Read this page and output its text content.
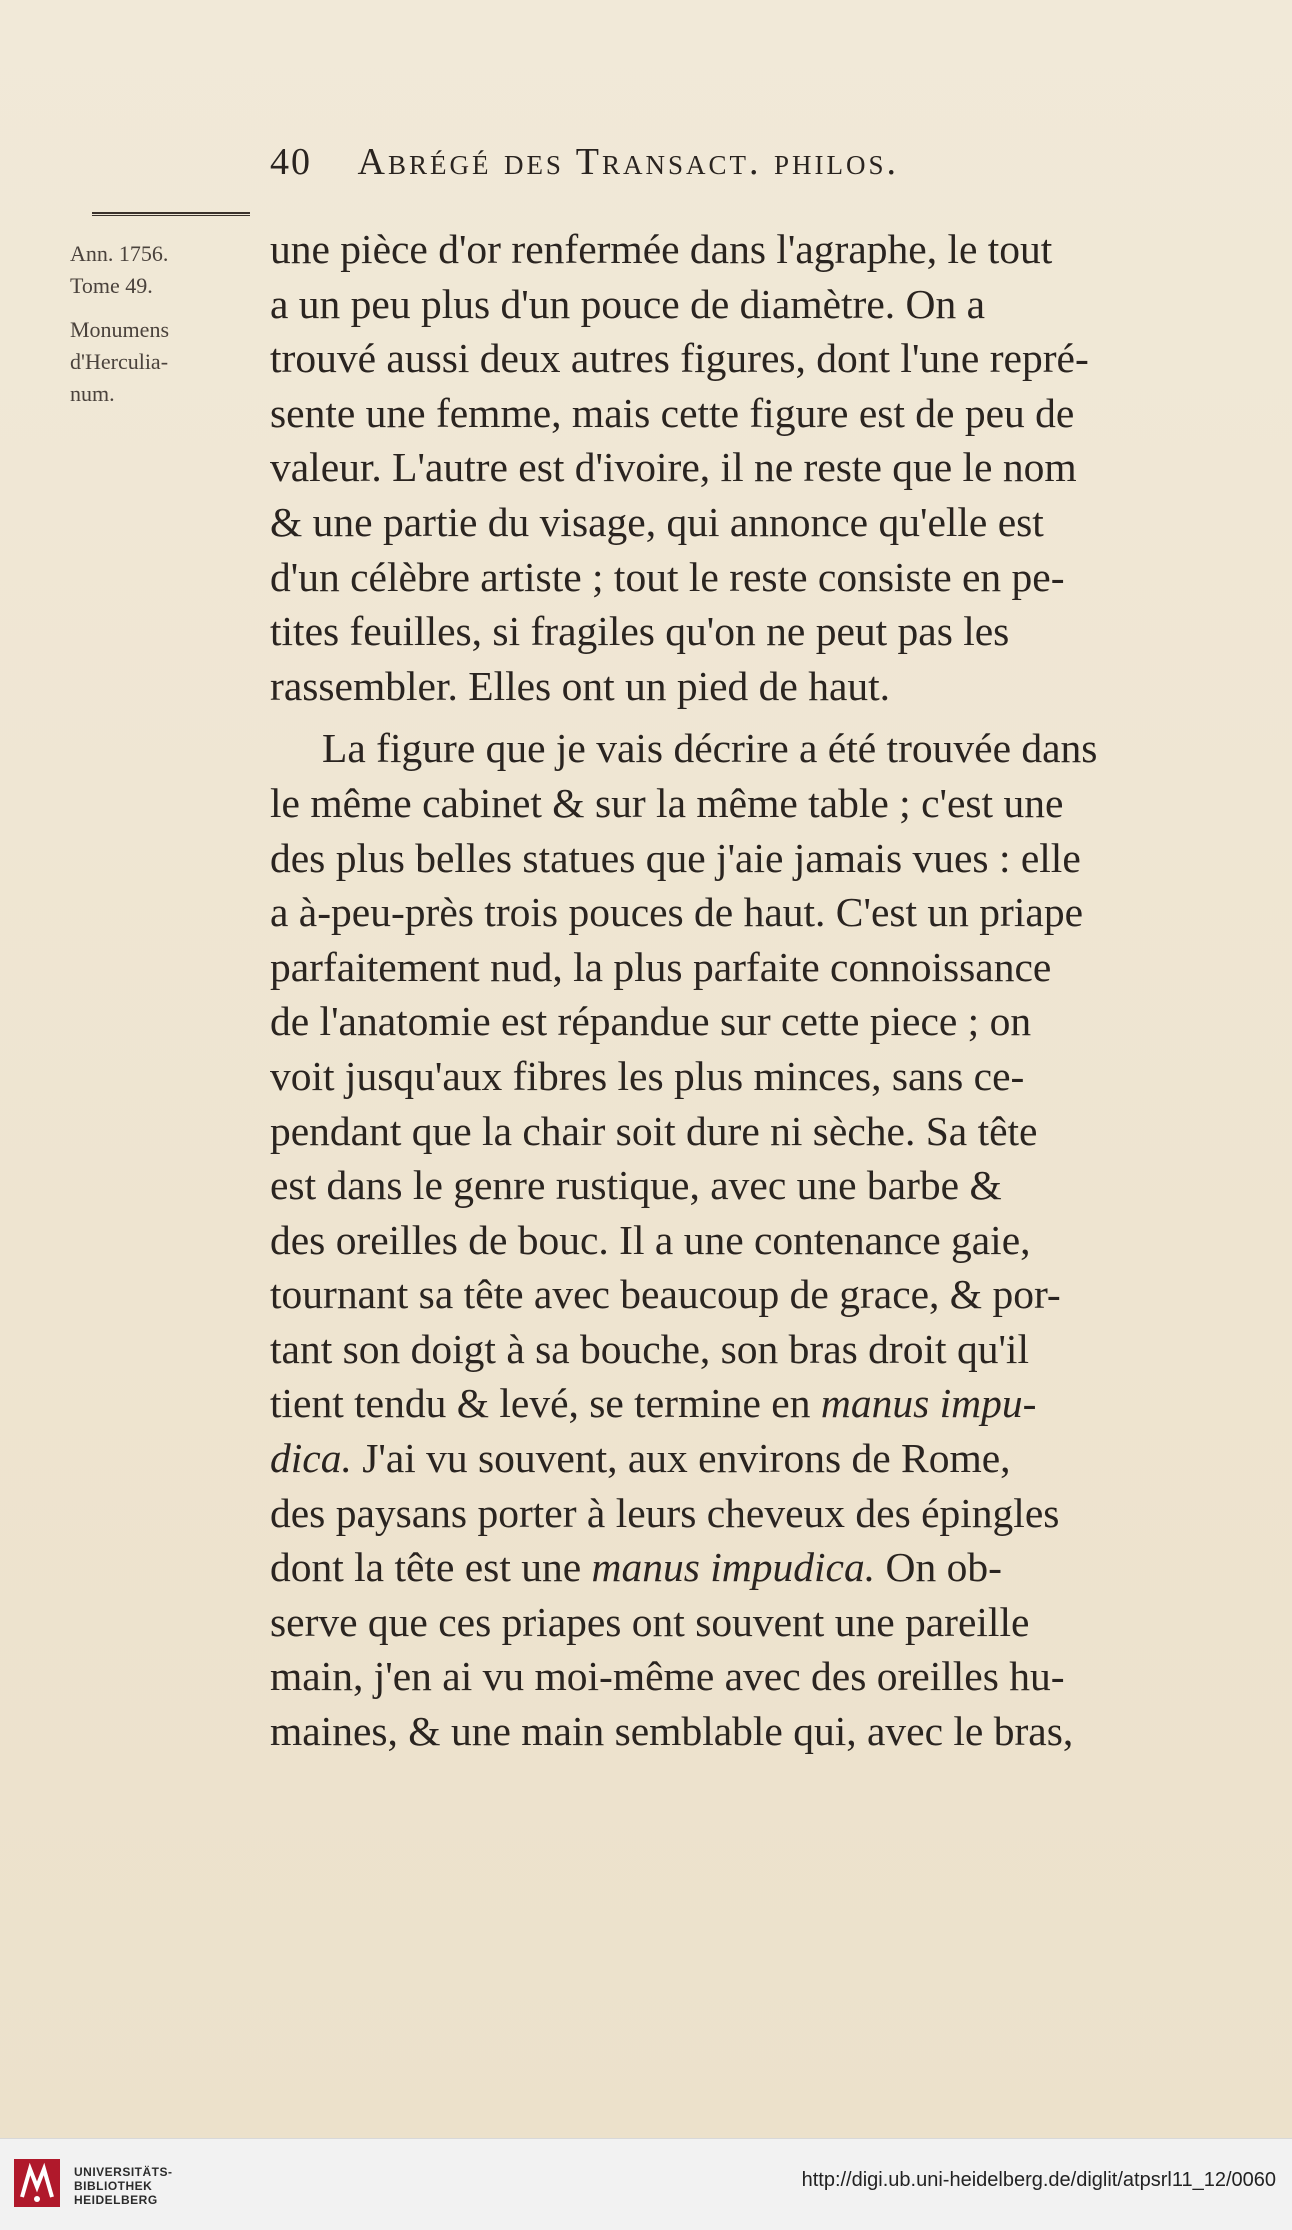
40 Abrégé des Transact. philos.
Ann. 1756.
Tome 49.
Monumens
d'Herculia-
num.
une pièce d'or renfermée dans l'agraphe, le tout
a un peu plus d'un pouce de diamètre. On a
trouvé aussi deux autres figures, dont l'une repré-
sente une femme, mais cette figure est de peu de
valeur. L'autre est d'ivoire, il ne reste que le nom
& une partie du visage, qui annonce qu'elle est
d'un célèbre artiste ; tout le reste consiste en pe-
tites feuilles, si fragiles qu'on ne peut pas les
rassembler. Elles ont un pied de haut.
La figure que je vais décrire a été trouvée dans
le même cabinet & sur la même table ; c'est une
des plus belles statues que j'aie jamais vues : elle
a à-peu-près trois pouces de haut. C'est un priape
parfaitement nud, la plus parfaite connoissance
de l'anatomie est répandue sur cette piece ; on
voit jusqu'aux fibres les plus minces, sans ce-
pendant que la chair soit dure ni sèche. Sa tête
est dans le genre rustique, avec une barbe &
des oreilles de bouc. Il a une contenance gaie,
tournant sa tête avec beaucoup de grace, & por-
tant son doigt à sa bouche, son bras droit qu'il
tient tendu & levé, se termine en manus impu-
dica. J'ai vu souvent, aux environs de Rome,
des paysans porter à leurs cheveux des épingles
dont la tête est une manus impudica. On ob-
serve que ces priapes ont souvent une pareille
main, j'en ai vu moi-même avec des oreilles hu-
maines, & une main semblable qui, avec le bras,
UNIVERSITÄTS-
BIBLIOTHEK
HEIDELBERG
http://digi.ub.uni-heidelberg.de/diglit/atpsrl11_12/0060
